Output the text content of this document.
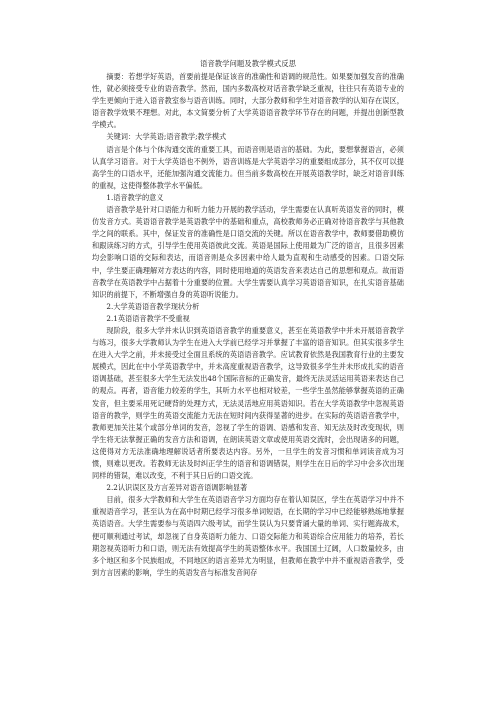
语音教学问题及教学模式反思

摘要：若想学好英语，首要前提是保证该音的准确性和语调的规范性。如果要加强发音的准确性，就必须接受专业的语音教学。然而，国内多数高校对话音教学缺乏重视，往往只有英语专业的学生更倾向于进入语音教室参与语音训练。同时，大部分教师和学生对语音教学的认知存在误区，语音教学效果不理想。对此，本文简要分析了大学英语语音教学环节存在的问题，并提出创新型教学模式。

关键词：大学英语;语音教学;教学模式

语言是个体与个体沟通交流的重要工具，而语音则是语言的基础。为此，要想掌握语言，必须认真学习语音。对于大学英语也不例外，语音训练是大学英语学习的重要组成部分，其不仅可以提高学生的口语水平，还能加强沟通交流能力。但当前多数高校在开展英语教学时，缺乏对语音训练的重视，这使得整体教学水平偏低。

1.语音教学的意义

语音教学是针对口语能力和听力能力开展的教学活动，学生需要在认真听英语发音的同时，模仿发音方式。英语语音教学是英语教学中的基础和重点，高校教师务必正确对待语音教学与其他教学之间的联系。其中，保证发音的准确性是口语交流的关键。所以在语音教学中，教师要借助模仿和跟读练习的方式，引导学生使用英语彼此交流。英语是国际上使用最为广泛的语言，且很多因素均会影响口语的交际和表达，而语音则是众多因素中给人最为直观和生动感受的因素。口语交际中，学生要正确理解对方表达的内容，同时使用地道的英语发音来表达自己的思想和观点。故而语音教学在英语教学中占据着十分重要的位置。大学生需要认真学习英语语音知识，在扎实语音基础知识的前提下，不断增强自身的英语听说能力。

2.大学英语语音教学现状分析

2.1英语语音教学不受重视

现阶段，很多大学并未认识到英语语音教学的重要意义，甚至在英语教学中并未开展语音教学与练习，很多大学教师认为学生在进入大学前已经学习并掌握了丰富的语音知识。但其实很多学生在进入大学之前，并未接受过全面且系统的英语语音教学。应试教育依然是我国教育行业的主要发展模式，因此在中小学英语教学中，并未高度重视语音教学，这导致很多学生并未形成扎实的语音语调基础，甚至很多大学生无法发出48个国际音标的正确发音，最终无法灵活运用英语来表达自己的观点。再者，语音能力较差的学生，其听力水平也相对较差，一些学生虽然能够掌握英语的正确发音，但主要采用死记硬背的处理方式，无法灵活地应用英语知识。若在大学英语教学中忽视英语语音的教学，则学生的英语交流能力无法在短时间内获得显著的进步。在实际的英语语音教学中，教师更加关注某个或部分单词的发音，忽视了学生的语调、语感和发音、知无法及时改变现状，则学生将无法掌握正确的发音方法和语调，在朗读英语文章或使用英语交流时，会出现诸多的问题，这使得对方无法准确地理解说话者所要表达内容。另外，一旦学生的发音习惯和单词读音成为习惯，则难以更改。若教师无法及时纠正学生的语音和语调错误，则学生在日后的学习中会多次出现同样的错误，难以改变，不利于其日后的口语交流。

2.2认识误区及方言差异对语音语调影响显著

目前，很多大学教师和大学生在英语语音学习方面均存在着认知误区，学生在英语学习中并不重视语音学习，甚至认为在高中时期已经学习很多单词短语，在长期的学习中已经能够熟练地掌握英语语音。大学生需要参与英语四六级考试，而学生误认为只要背诵大量的单词、实行题海战术，便可顺利通过考试，却忽视了自身英语听力能力、口语交际能力和英语综合应用能力的培养，若长期忽视英语听力和口语，则无法有效提高学生的英语整体水平。我国国土辽阔，人口数量较多，由多个地区和多个民族组成，不同地区的语言差异尤为明显，但教师在教学中并不重视语音教学，受到方言因素的影响，学生的英语发音与标准发音间存
